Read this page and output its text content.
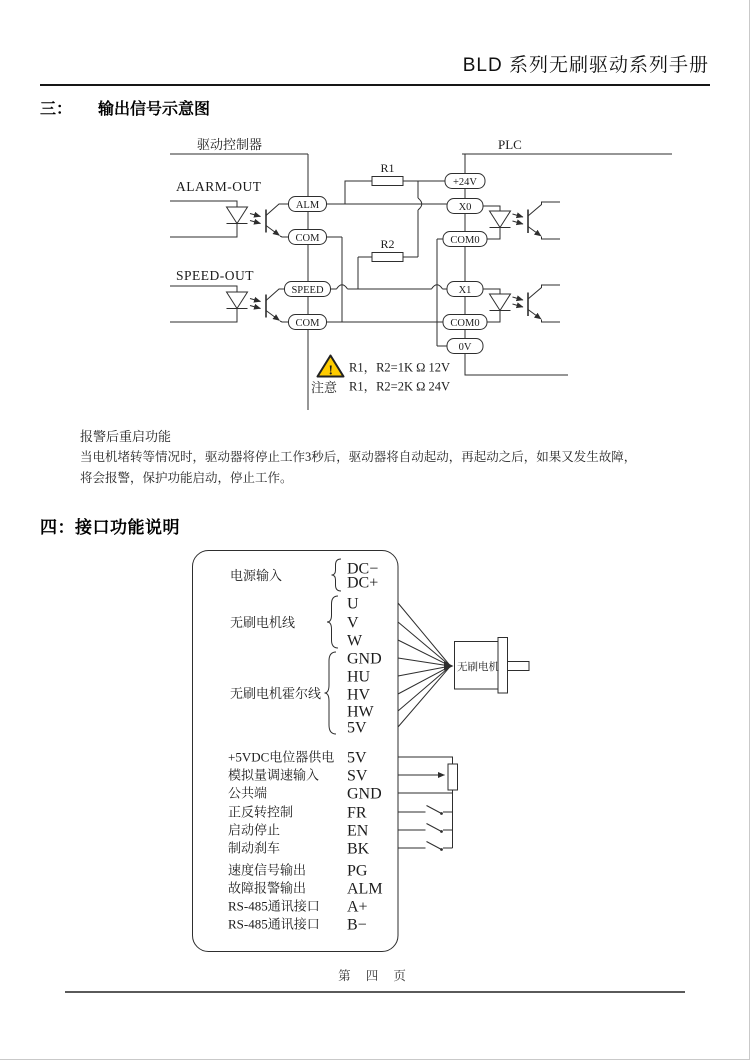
BLD 系列无刷驱动系列手册
三： 输出信号示意图
R1
R2
ALM
COM
SPEED
COM
+24V
X0
COM0
X1
COM0
0V
驱动控制器	PLC
ALARM-OUT
SPEED-OUT
!
注意
R1，R2=1K Ω 12V
R1，R2=2K Ω 24V
报警后重启功能
当电机堵转等情况时，驱动器将停止工作3秒后，驱动器将自动起动，再起动之后，如果又发生故障，
将会报警，保护功能启动，停止工作。
四：接口功能说明
无刷电机
电源输入
无刷电机线
无刷电机霍尔线
DC−
DC+
U
V
W
GND
HU
HV
HW
5V
+5VDC电位器供电
模拟量调速输入
公共端
正反转控制
启动停止
制动刹车
速度信号输出
故障报警输出
RS-485通讯接口
RS-485通讯接口
5V
SV
GND
FR
EN
BK
PG
ALM
A+
B−
第 四 页
